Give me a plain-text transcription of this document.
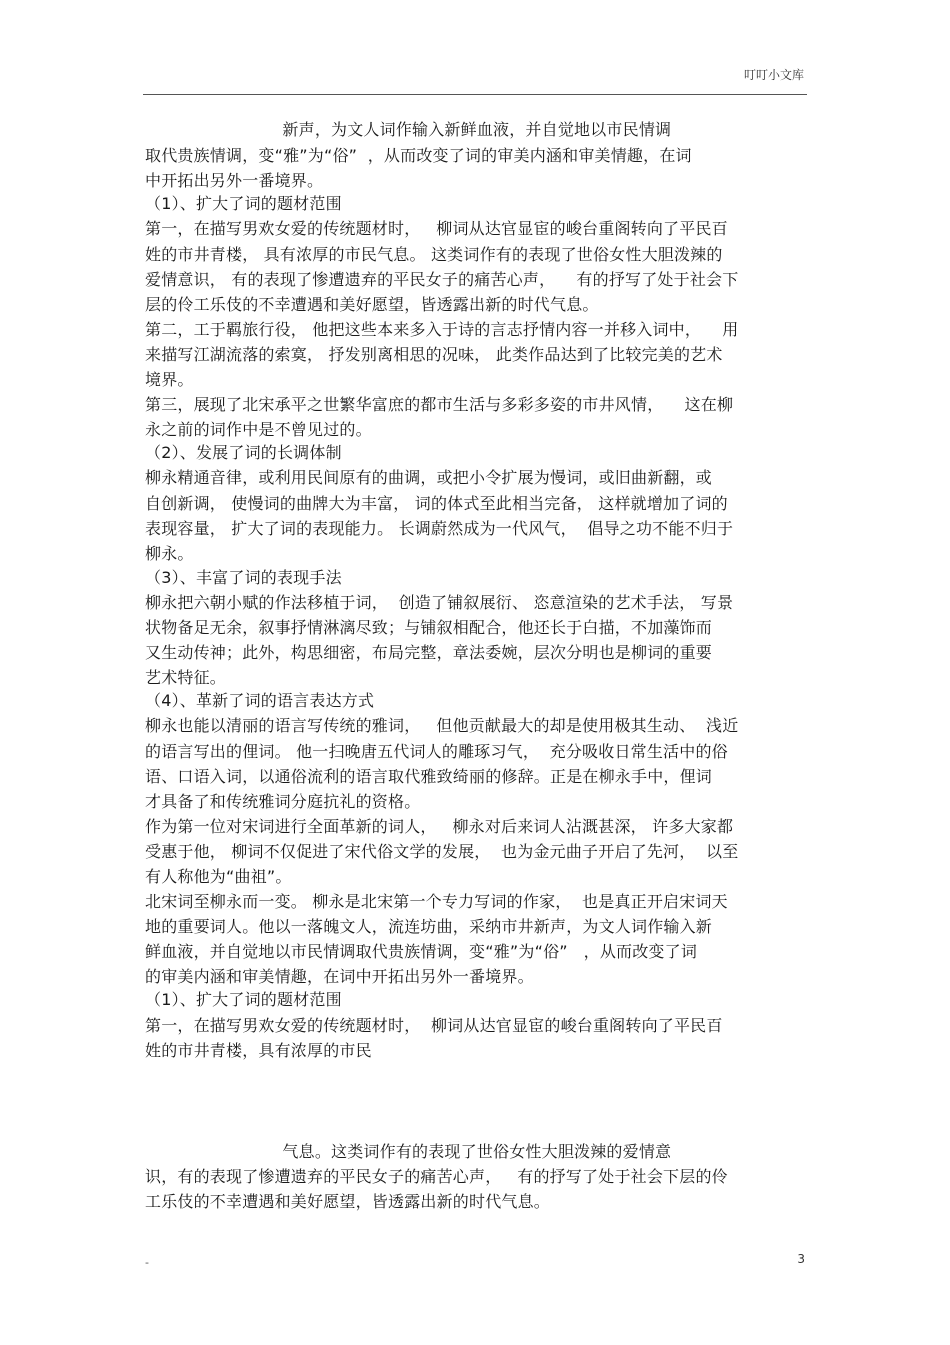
叮叮小文库
新声，为文人词作输入新鲜血液，并自觉地以市民情调
取代贵族情调，变“雅”为“俗”  ，从而改变了词的审美内涵和审美情趣，在词
中开拓出另外一番境界。
（1）、扩大了词的题材范围
第一，在描写男欢女爱的传统题材时，   柳词从达官显宦的峻台重阁转向了平民百
姓的市井青楼， 具有浓厚的市民气息。 这类词作有的表现了世俗女性大胆泼辣的
爱情意识， 有的表现了惨遭遗弃的平民女子的痛苦心声，    有的抒写了处于社会下
层的伶工乐伎的不幸遭遇和美好愿望，皆透露出新的时代气息。
第二，工于羁旅行役， 他把这些本来多入于诗的言志抒情内容一并移入词中，    用
来描写江湖流落的索寞， 抒发别离相思的况味， 此类作品达到了比较完美的艺术
境界。
第三，展现了北宋承平之世繁华富庶的都市生活与多彩多姿的市井风情，    这在柳
永之前的词作中是不曾见过的。
（2）、发展了词的长调体制
柳永精通音律，或利用民间原有的曲调，或把小令扩展为慢词，或旧曲新翻，或
自创新调， 使慢词的曲牌大为丰富， 词的体式至此相当完备， 这样就增加了词的
表现容量， 扩大了词的表现能力。 长调蔚然成为一代风气，  倡导之功不能不归于
柳永。
（3）、丰富了词的表现手法
柳永把六朝小赋的作法移植于词，  创造了铺叙展衍、 恣意渲染的艺术手法， 写景
状物备足无余，叙事抒情淋漓尽致；与铺叙相配合，他还长于白描，不加藻饰而
又生动传神；此外，构思细密，布局完整，章法委婉，层次分明也是柳词的重要
艺术特征。
（4）、革新了词的语言表达方式
柳永也能以清丽的语言写传统的雅词，   但他贡献最大的却是使用极其生动、  浅近
的语言写出的俚词。 他一扫晚唐五代词人的雕琢习气，  充分吸收日常生活中的俗
语、口语入词，以通俗流利的语言取代雅致绮丽的修辞。正是在柳永手中，俚词
才具备了和传统雅词分庭抗礼的资格。
作为第一位对宋词进行全面革新的词人，   柳永对后来词人沾溉甚深， 许多大家都
受惠于他， 柳词不仅促进了宋代俗文学的发展，  也为金元曲子开启了先河，  以至
有人称他为“曲祖”。
北宋词至柳永而一变。 柳永是北宋第一个专力写词的作家，  也是真正开启宋词天
地的重要词人。他以一落魄文人，流连坊曲，采纳市井新声，为文人词作输入新
鲜血液，并自觉地以市民情调取代贵族情调，变“雅”为“俗”   ，从而改变了词
的审美内涵和审美情趣，在词中开拓出另外一番境界。
（1）、扩大了词的题材范围
第一，在描写男欢女爱的传统题材时，  柳词从达官显宦的峻台重阁转向了平民百
姓的市井青楼，具有浓厚的市民
气息。这类词作有的表现了世俗女性大胆泼辣的爱情意
识，有的表现了惨遭遗弃的平民女子的痛苦心声，   有的抒写了处于社会下层的伶
工乐伎的不幸遭遇和美好愿望，皆透露出新的时代气息。
-	3
